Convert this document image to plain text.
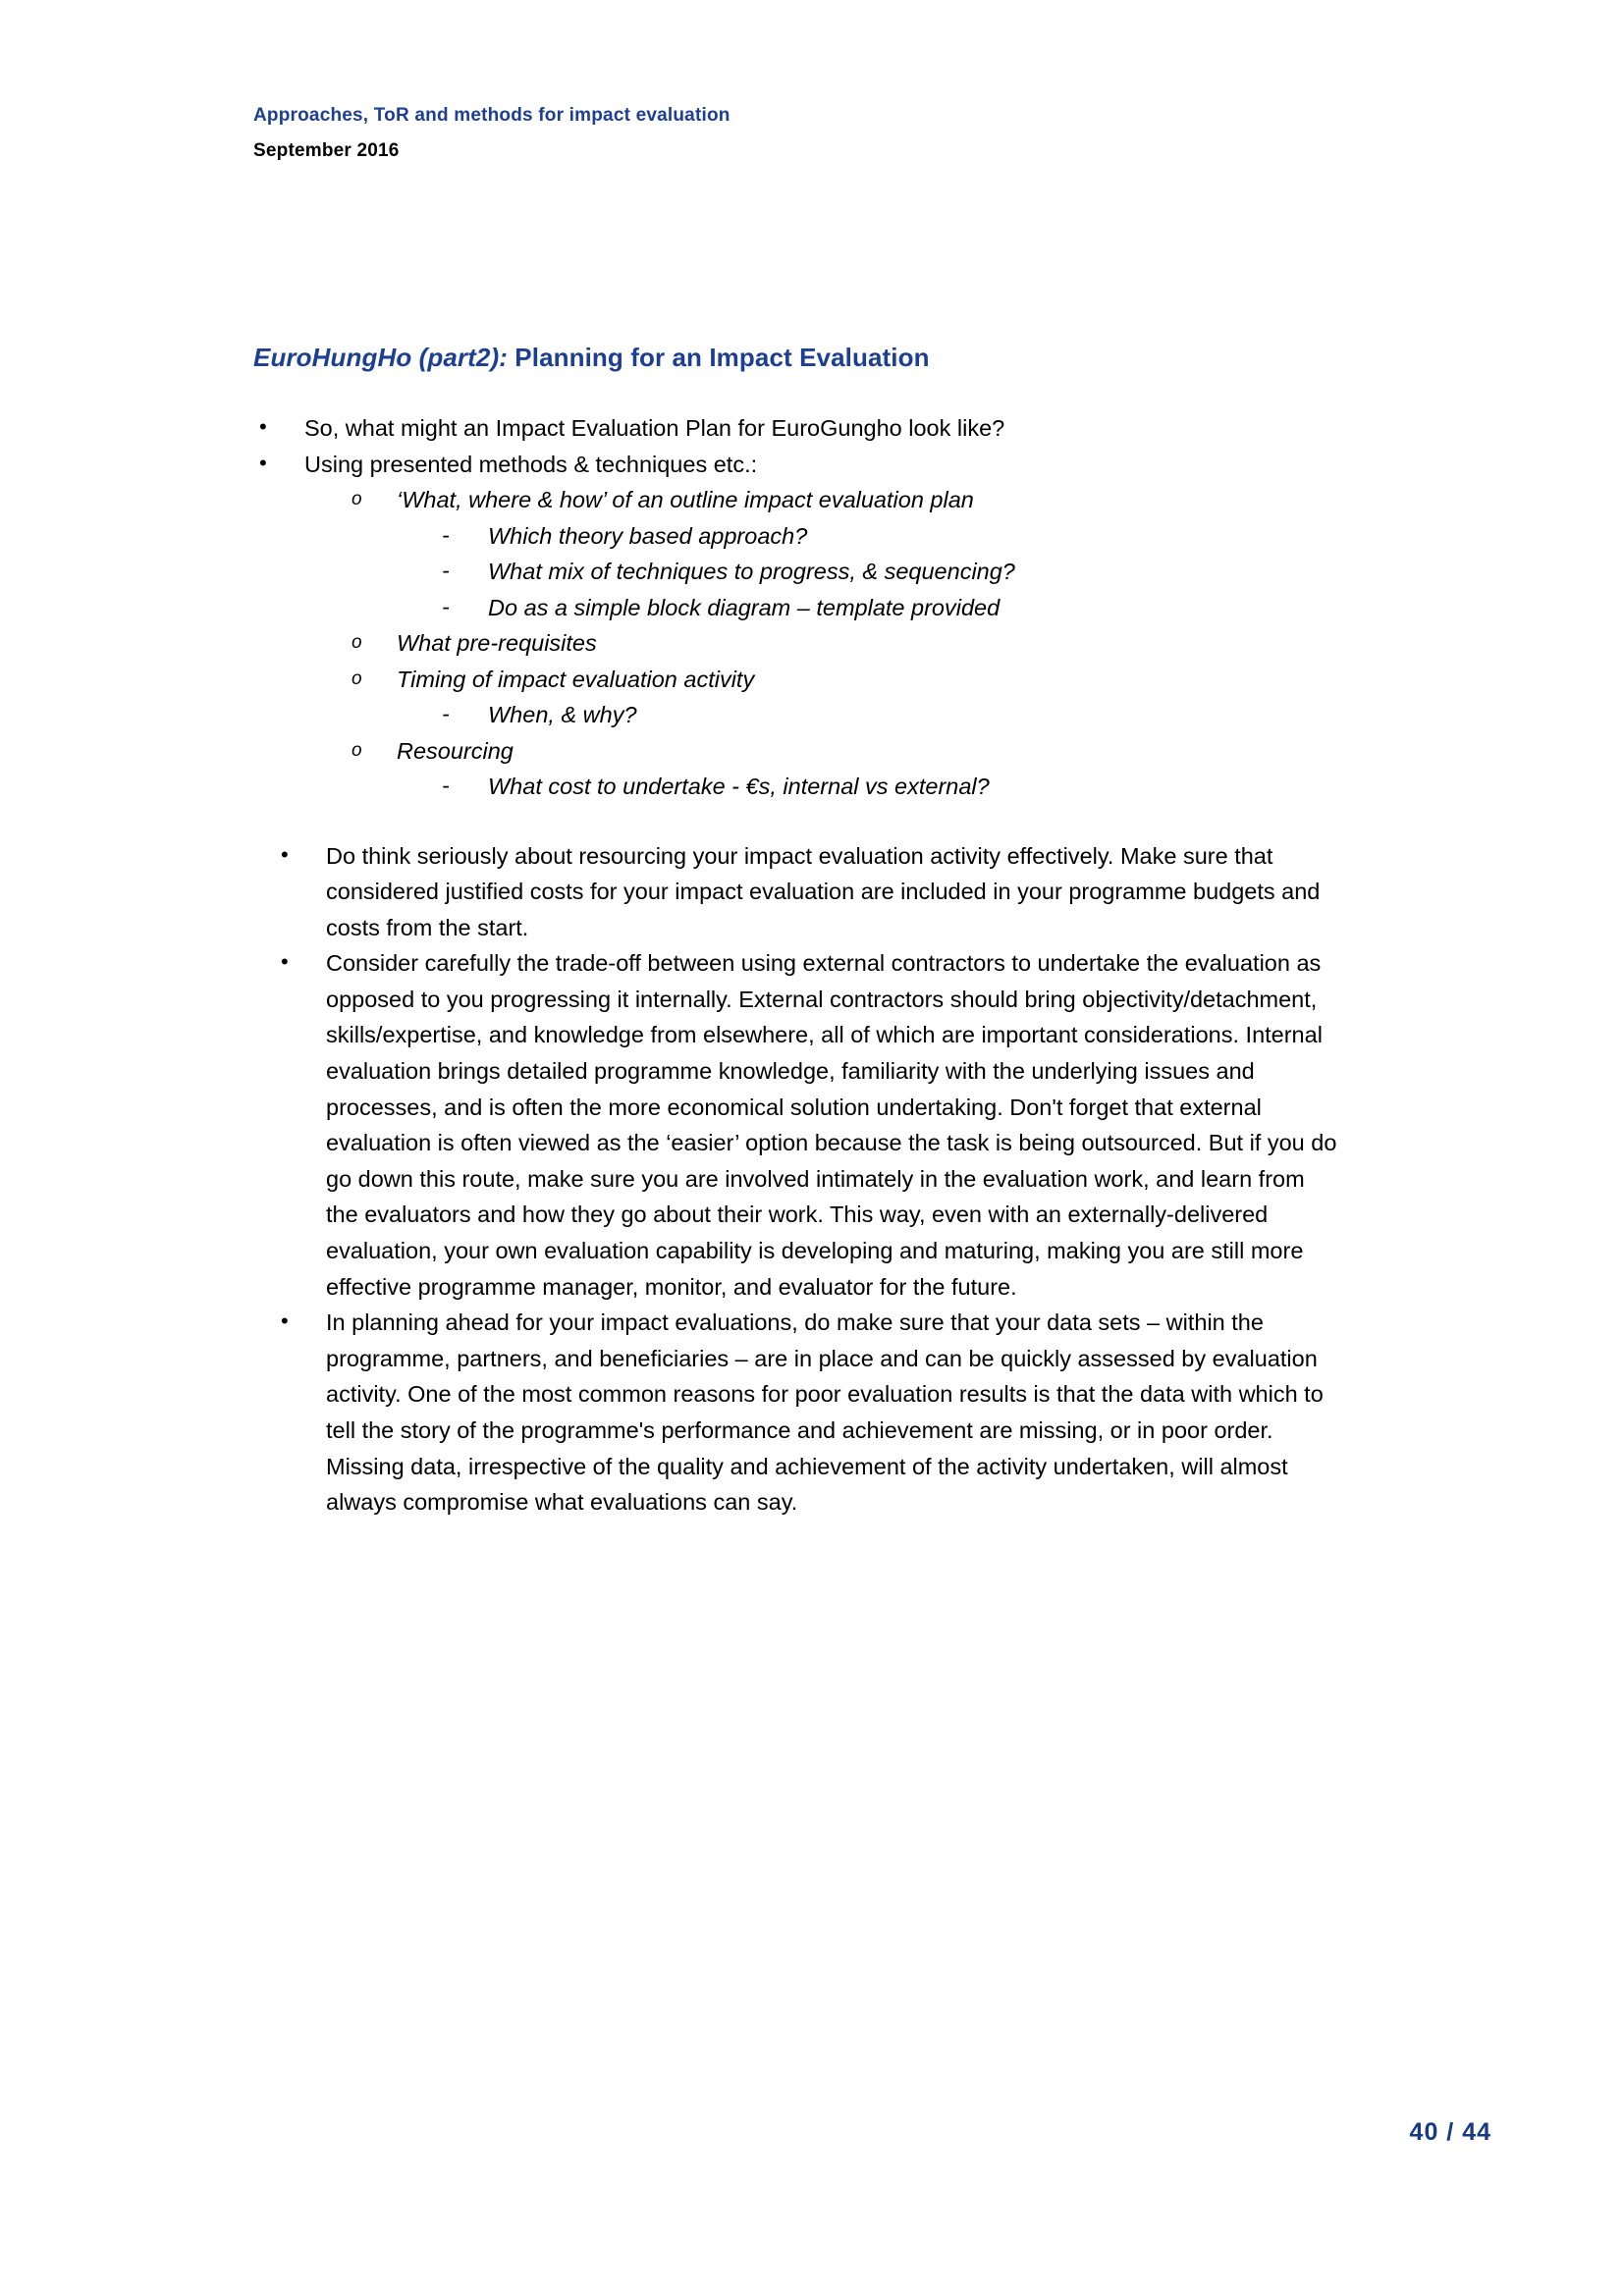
Approaches, ToR and methods for impact evaluation
September 2016
EuroHungHo (part2): Planning for an Impact Evaluation
• So, what might an Impact Evaluation Plan for EuroGungho look like?
• Using presented methods & techniques etc.:
o ‘What, where & how’ of an outline impact evaluation plan
- Which theory based approach?
- What mix of techniques to progress, & sequencing?
- Do as a simple block diagram – template provided
o What pre-requisites
o Timing of impact evaluation activity
- When, & why?
o Resourcing
- What cost to undertake - €s, internal vs external?
• Do think seriously about resourcing your impact evaluation activity effectively. Make sure that considered justified costs for your impact evaluation are included in your programme budgets and costs from the start.
• Consider carefully the trade-off between using external contractors to undertake the evaluation as opposed to you progressing it internally. External contractors should bring objectivity/detachment, skills/expertise, and knowledge from elsewhere, all of which are important considerations. Internal evaluation brings detailed programme knowledge, familiarity with the underlying issues and processes, and is often the more economical solution undertaking. Don't forget that external evaluation is often viewed as the ‘easier’ option because the task is being outsourced. But if you do go down this route, make sure you are involved intimately in the evaluation work, and learn from the evaluators and how they go about their work. This way, even with an externally-delivered evaluation, your own evaluation capability is developing and maturing, making you are still more effective programme manager, monitor, and evaluator for the future.
• In planning ahead for your impact evaluations, do make sure that your data sets – within the programme, partners, and beneficiaries – are in place and can be quickly assessed by evaluation activity. One of the most common reasons for poor evaluation results is that the data with which to tell the story of the programme's performance and achievement are missing, or in poor order. Missing data, irrespective of the quality and achievement of the activity undertaken, will almost always compromise what evaluations can say.
40 / 44
